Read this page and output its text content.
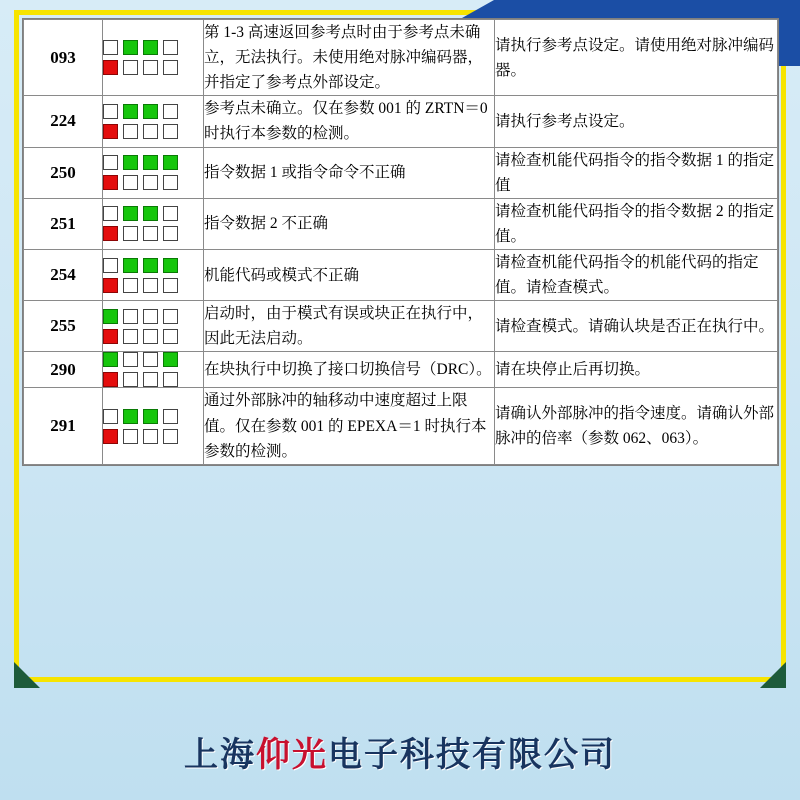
093		第 1-3 高速返回参考点时由于参考点未确立，无法执行。未使用绝对脉冲编码器，并指定了参考点外部设定。	请执行参考点设定。请使用绝对脉冲编码器。
224		参考点未确立。仅在参数 001 的 ZRTN＝0 时执行本参数的检测。	请执行参考点设定。
250		指令数据 1 或指令命令不正确	请检查机能代码指令的指令数据 1 的指定值
251		指令数据 2 不正确	请检查机能代码指令的指令数据 2 的指定值。
254		机能代码或模式不正确	请检查机能代码指令的机能代码的指定值。请检查模式。
255		启动时，由于模式有误或块正在执行中，因此无法启动。	请检查模式。请确认块是否正在执行中。
290		在块执行中切换了接口切换信号（DRC）。	请在块停止后再切换。
291		通过外部脉冲的轴移动中速度超过上限值。仅在参数 001 的 EPEXA＝1 时执行本参数的检测。	请确认外部脉冲的指令速度。请确认外部脉冲的倍率（参数 062、063）。
上海仰光电子科技有限公司
